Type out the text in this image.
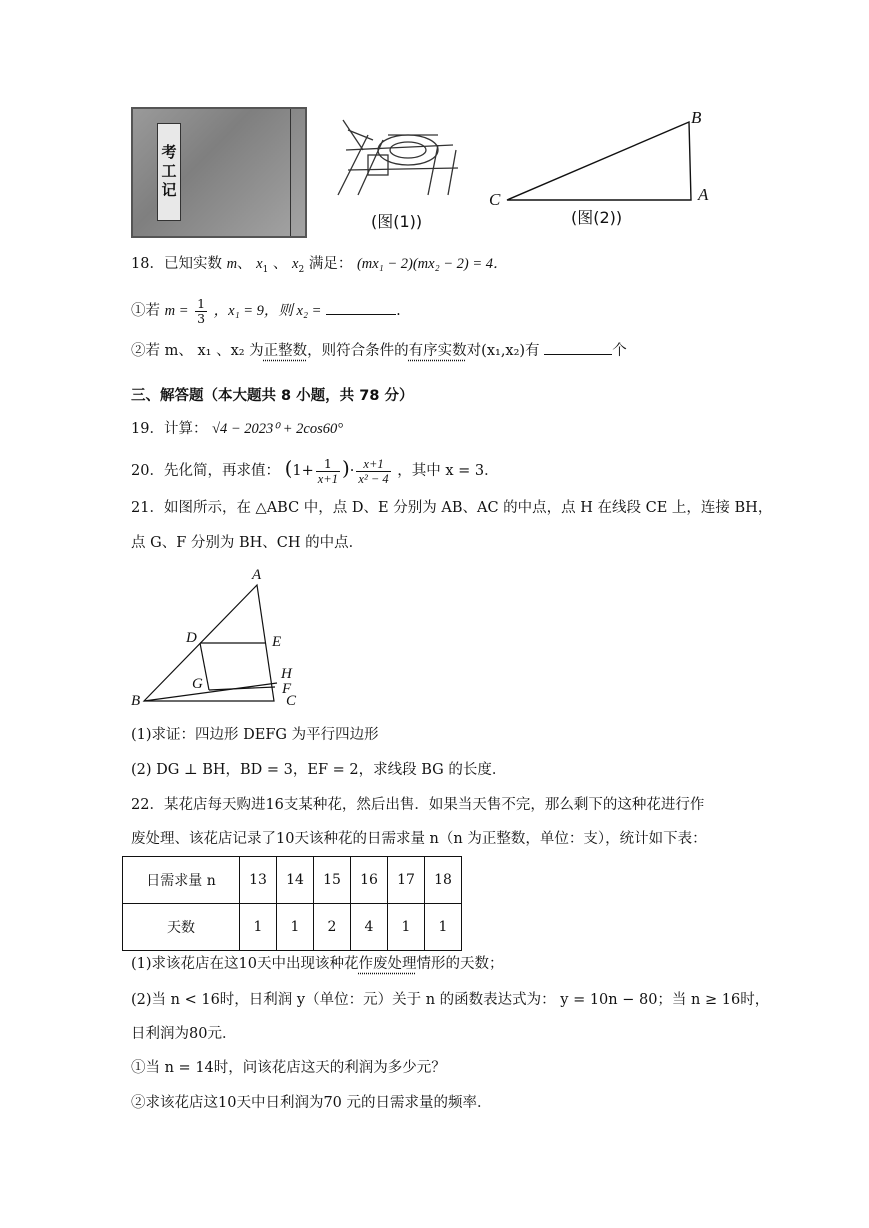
考工记
(图(1))
B
A
C
(图(2))
18．已知实数 m、 $x_1$ 、 $x_2$ 满足： (mx₁ − 2)(mx₂ − 2) = 4．
①若 $m = \frac{1}{3}$ ，x₁ = 9，则 x₂ =	.
②若 m、 x₁ 、x₂ 为正整数，则符合条件的有序实数对(x₁,x₂)有	个
三、解答题（本大题共 8 小题，共 78 分）
19．计算： √4 − 2023⁰ + 2cos60°
20．先化简，再求值： ($1+ \frac{1}{x+1}$ )· $\frac{x+1}{\text{x² − 4}}$ ，其中 x = 3．
21．如图所示，在 △ABC 中，点 D、E 分别为 AB、AC 的中点，点 H 在线段 CE 上，连接 BH，
点 G、F 分别为 BH、CH 的中点．
A
D	E
H
G	F
B	C
(1)求证：四边形 DEFG 为平行四边形
(2) DG ⊥ BH，BD = 3，EF = 2，求线段 BG 的长度．
22．某花店每天购进16支某种花，然后出售．如果当天售不完，那么剩下的这种花进行作
废处理、该花店记录了10天该种花的日需求量 n（n 为正整数，单位：支），统计如下表：
日需求量 n	13	14	15	16	17	18
天数	1	1	2	4	1	1
(1)求该花店在这10天中出现该种花作废处理情形的天数；
(2)当 n < 16时，日利润 y（单位：元）关于 n 的函数表达式为： y = 10n − 80；当 n ≥ 16时，
日利润为80元．
①当 n = 14时，问该花店这天的利润为多少元？
②求该花店这10天中日利润为70 元的日需求量的频率．
